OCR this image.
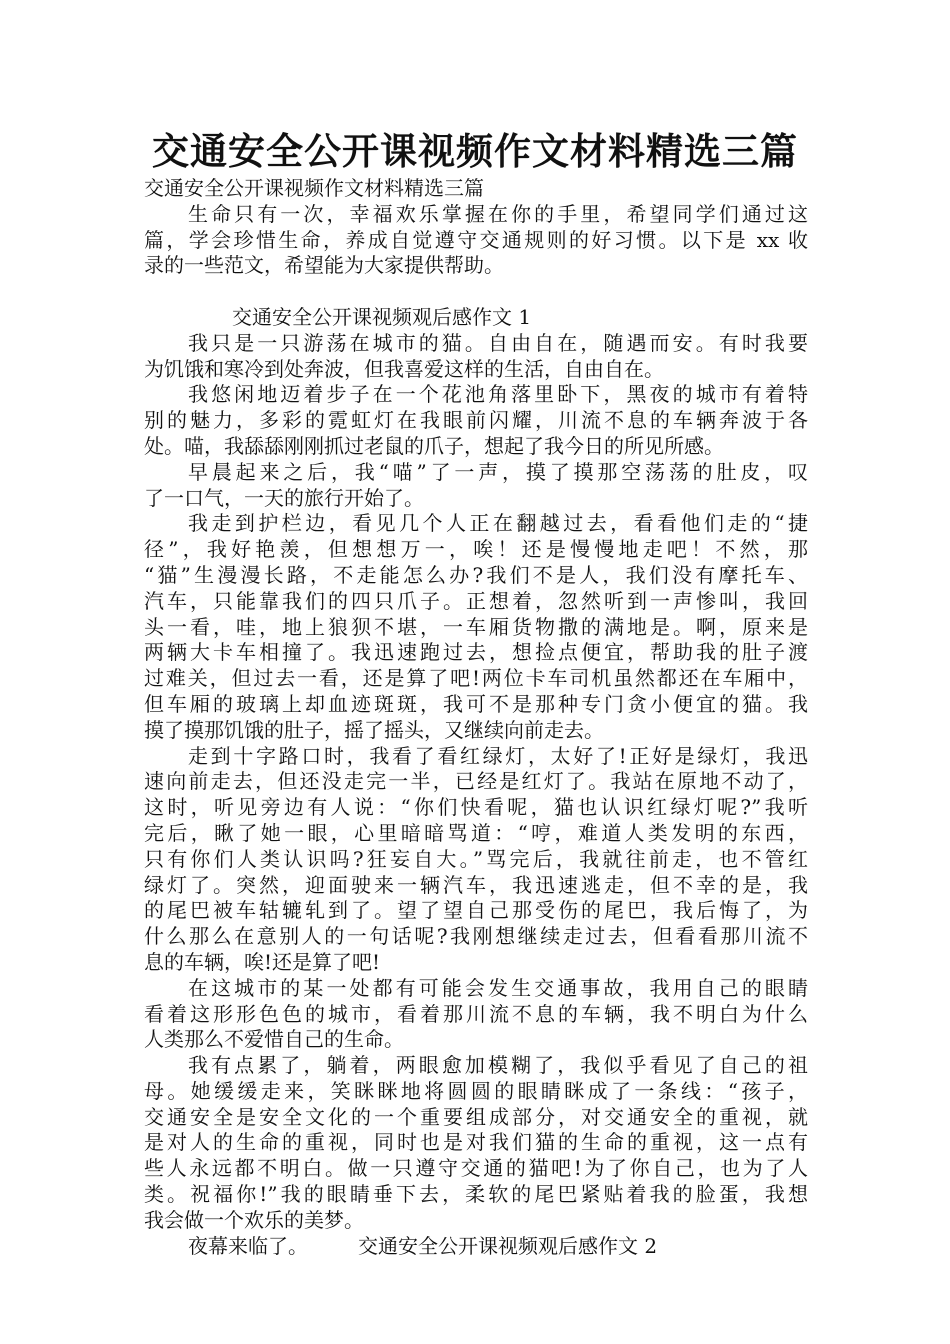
交通安全公开课视频作文材料精选三篇
交通安全公开课视频作文材料精选三篇
生命只有一次，幸福欢乐掌握在你的手里，希望同学们通过这
篇，学会珍惜生命，养成自觉遵守交通规则的好习惯。以下是 xx 收
录的一些范文，希望能为大家提供帮助。
交通安全公开课视频观后感作文 1
我只是一只游荡在城市的猫。自由自在，随遇而安。有时我要
为饥饿和寒冷到处奔波，但我喜爱这样的生活，自由自在。
我悠闲地迈着步子在一个花池角落里卧下，黑夜的城市有着特
别的魅力，多彩的霓虹灯在我眼前闪耀，川流不息的车辆奔波于各
处。喵，我舔舔刚刚抓过老鼠的爪子，想起了我今日的所见所感。
早晨起来之后，我“喵”了一声，摸了摸那空荡荡的肚皮，叹
了一口气，一天的旅行开始了。
我走到护栏边，看见几个人正在翻越过去，看看他们走的“捷
径”，我好艳羡，但想想万一，唉！还是慢慢地走吧！不然，那
“猫”生漫漫长路，不走能怎么办?我们不是人，我们没有摩托车、
汽车，只能靠我们的四只爪子。正想着，忽然听到一声惨叫，我回
头一看，哇，地上狼狈不堪，一车厢货物撒的满地是。啊，原来是
两辆大卡车相撞了。我迅速跑过去，想捡点便宜，帮助我的肚子渡
过难关，但过去一看，还是算了吧!两位卡车司机虽然都还在车厢中，
但车厢的玻璃上却血迹斑斑，我可不是那种专门贪小便宜的猫。我
摸了摸那饥饿的肚子，摇了摇头，又继续向前走去。
走到十字路口时，我看了看红绿灯，太好了!正好是绿灯，我迅
速向前走去，但还没走完一半，已经是红灯了。我站在原地不动了，
这时，听见旁边有人说：“你们快看呢，猫也认识红绿灯呢?”我听
完后，瞅了她一眼，心里暗暗骂道：“哼，难道人类发明的东西，
只有你们人类认识吗?狂妄自大。”骂完后，我就往前走，也不管红
绿灯了。突然，迎面驶来一辆汽车，我迅速逃走，但不幸的是，我
的尾巴被车轱辘轧到了。望了望自己那受伤的尾巴，我后悔了，为
什么那么在意别人的一句话呢?我刚想继续走过去，但看看那川流不
息的车辆，唉!还是算了吧!
在这城市的某一处都有可能会发生交通事故，我用自己的眼睛
看着这形形色色的城市，看着那川流不息的车辆，我不明白为什么
人类那么不爱惜自己的生命。
我有点累了，躺着，两眼愈加模糊了，我似乎看见了自己的祖
母。她缓缓走来，笑眯眯地将圆圆的眼睛眯成了一条线：“孩子，
交通安全是安全文化的一个重要组成部分，对交通安全的重视，就
是对人的生命的重视，同时也是对我们猫的生命的重视，这一点有
些人永远都不明白。做一只遵守交通的猫吧!为了你自己，也为了人
类。祝福你!”我的眼睛垂下去，柔软的尾巴紧贴着我的脸蛋，我想
我会做一个欢乐的美梦。
夜幕来临了。　　　交通安全公开课视频观后感作文 2
